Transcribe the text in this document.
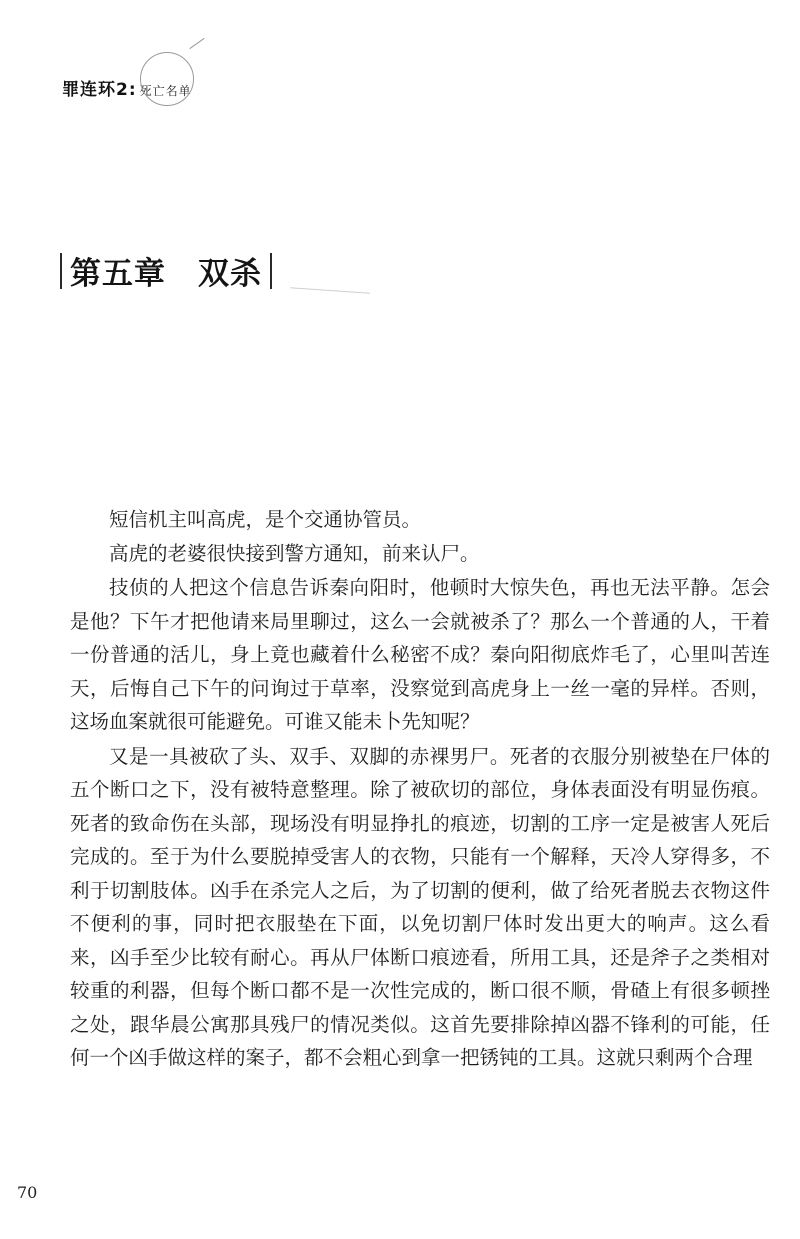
罪连环2: 死亡名单
第五章　双杀

短信机主叫高虎，是个交通协管员。

高虎的老婆很快接到警方通知，前来认尸。

技侦的人把这个信息告诉秦向阳时，他顿时大惊失色，再也无法平静。怎会是他？下午才把他请来局里聊过，这么一会就被杀了？那么一个普通的人，干着一份普通的活儿，身上竟也藏着什么秘密不成？秦向阳彻底炸毛了，心里叫苦连天，后悔自己下午的问询过于草率，没察觉到高虎身上一丝一毫的异样。否则，这场血案就很可能避免。可谁又能未卜先知呢？

又是一具被砍了头、双手、双脚的赤裸男尸。死者的衣服分别被垫在尸体的五个断口之下，没有被特意整理。除了被砍切的部位，身体表面没有明显伤痕。死者的致命伤在头部，现场没有明显挣扎的痕迹，切割的工序一定是被害人死后完成的。至于为什么要脱掉受害人的衣物，只能有一个解释，天冷人穿得多，不利于切割肢体。凶手在杀完人之后，为了切割的便利，做了给死者脱去衣物这件不便利的事，同时把衣服垫在下面，以免切割尸体时发出更大的响声。这么看来，凶手至少比较有耐心。再从尸体断口痕迹看，所用工具，还是斧子之类相对较重的利器，但每个断口都不是一次性完成的，断口很不顺，骨碴上有很多顿挫之处，跟华晨公寓那具残尸的情况类似。这首先要排除掉凶器不锋利的可能，任何一个凶手做这样的案子，都不会粗心到拿一把锈钝的工具。这就只剩两个合理

70
